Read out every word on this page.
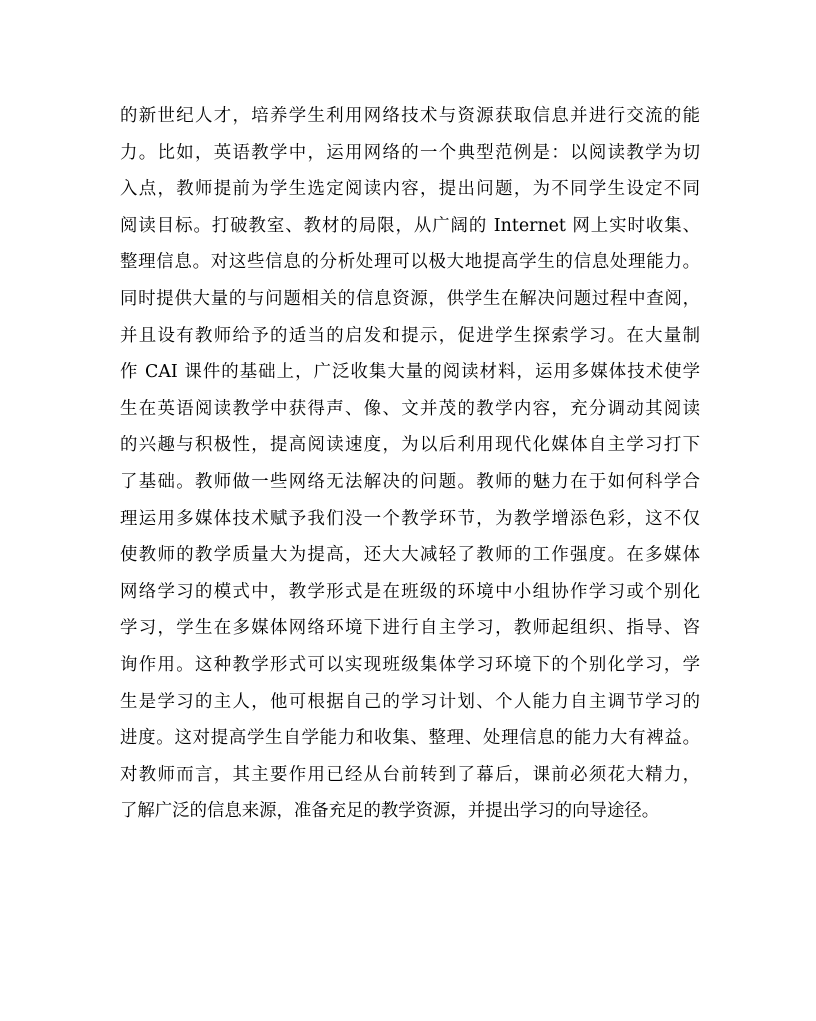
的新世纪人才，培养学生利用网络技术与资源获取信息并进行交流的能
力。比如，英语教学中，运用网络的一个典型范例是：以阅读教学为切
入点，教师提前为学生选定阅读内容，提出问题，为不同学生设定不同
阅读目标。打破教室、教材的局限，从广阔的 Internet 网上实时收集、
整理信息。对这些信息的分析处理可以极大地提高学生的信息处理能力。
同时提供大量的与问题相关的信息资源，供学生在解决问题过程中查阅，
并且设有教师给予的适当的启发和提示，促进学生探索学习。在大量制
作 CAI 课件的基础上，广泛收集大量的阅读材料，运用多媒体技术使学
生在英语阅读教学中获得声、像、文并茂的教学内容，充分调动其阅读
的兴趣与积极性，提高阅读速度，为以后利用现代化媒体自主学习打下
了基础。教师做一些网络无法解决的问题。教师的魅力在于如何科学合
理运用多媒体技术赋予我们没一个教学环节，为教学增添色彩，这不仅
使教师的教学质量大为提高，还大大减轻了教师的工作强度。在多媒体
网络学习的模式中，教学形式是在班级的环境中小组协作学习或个别化
学习，学生在多媒体网络环境下进行自主学习，教师起组织、指导、咨
询作用。这种教学形式可以实现班级集体学习环境下的个别化学习，学
生是学习的主人，他可根据自己的学习计划、个人能力自主调节学习的
进度。这对提高学生自学能力和收集、整理、处理信息的能力大有裨益。
对教师而言，其主要作用已经从台前转到了幕后，课前必须花大精力，
了解广泛的信息来源，准备充足的教学资源，并提出学习的向导途径。
